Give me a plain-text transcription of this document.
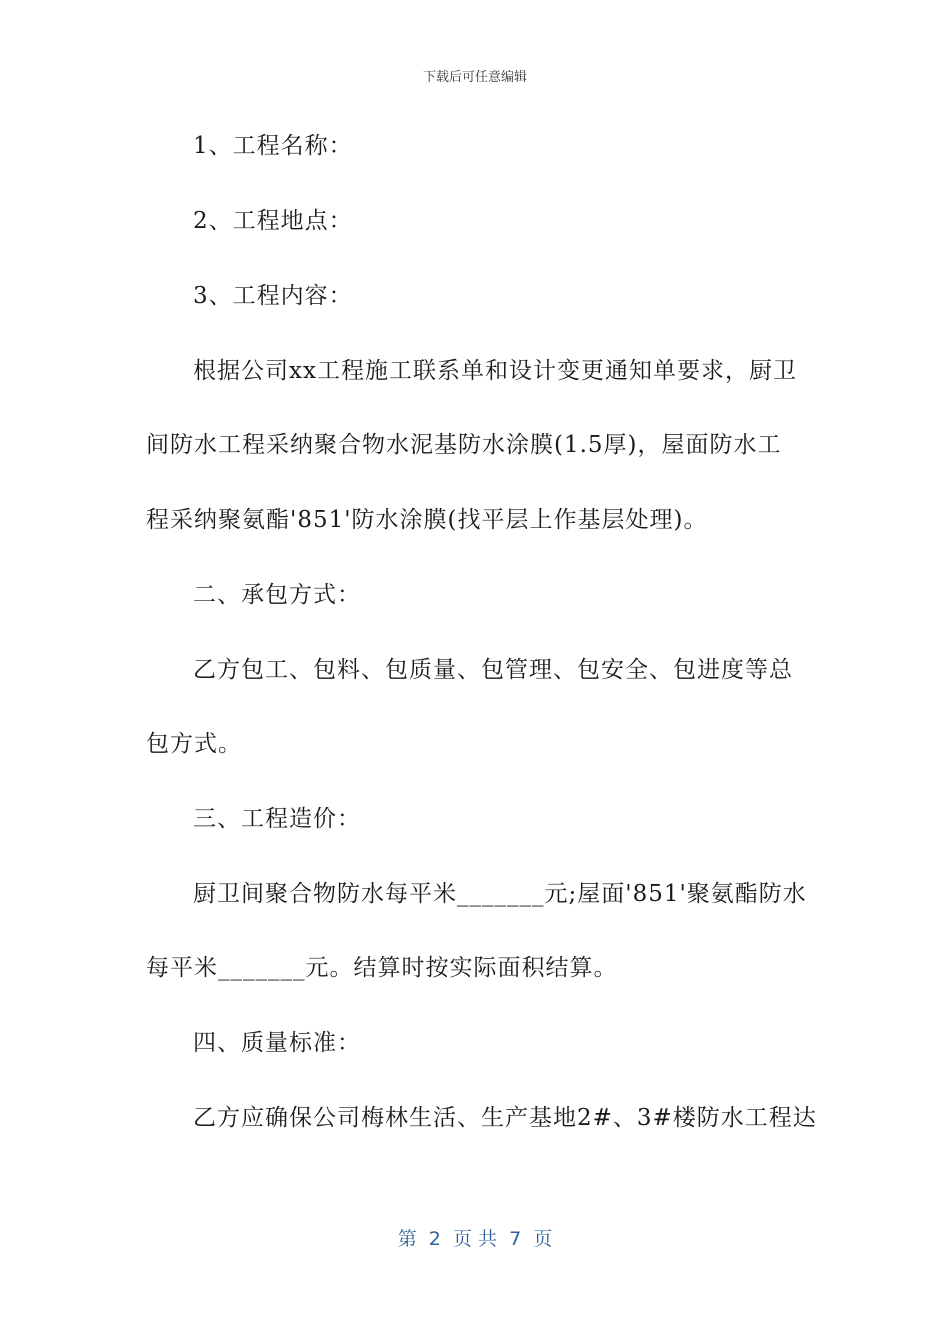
下载后可任意编辑
1、工程名称：
2、工程地点：
3、工程内容：
根据公司xx工程施工联系单和设计变更通知单要求，厨卫
间防水工程采纳聚合物水泥基防水涂膜(1.5厚)，屋面防水工
程采纳聚氨酯'851'防水涂膜(找平层上作基层处理)。
二、承包方式：
乙方包工、包料、包质量、包管理、包安全、包进度等总
包方式。
三、工程造价：
厨卫间聚合物防水每平米_______元;屋面'851'聚氨酯防水
每平米_______元。结算时按实际面积结算。
四、质量标准：
乙方应确保公司梅林生活、生产基地2#、3#楼防水工程达
第  2  页 共  7  页
